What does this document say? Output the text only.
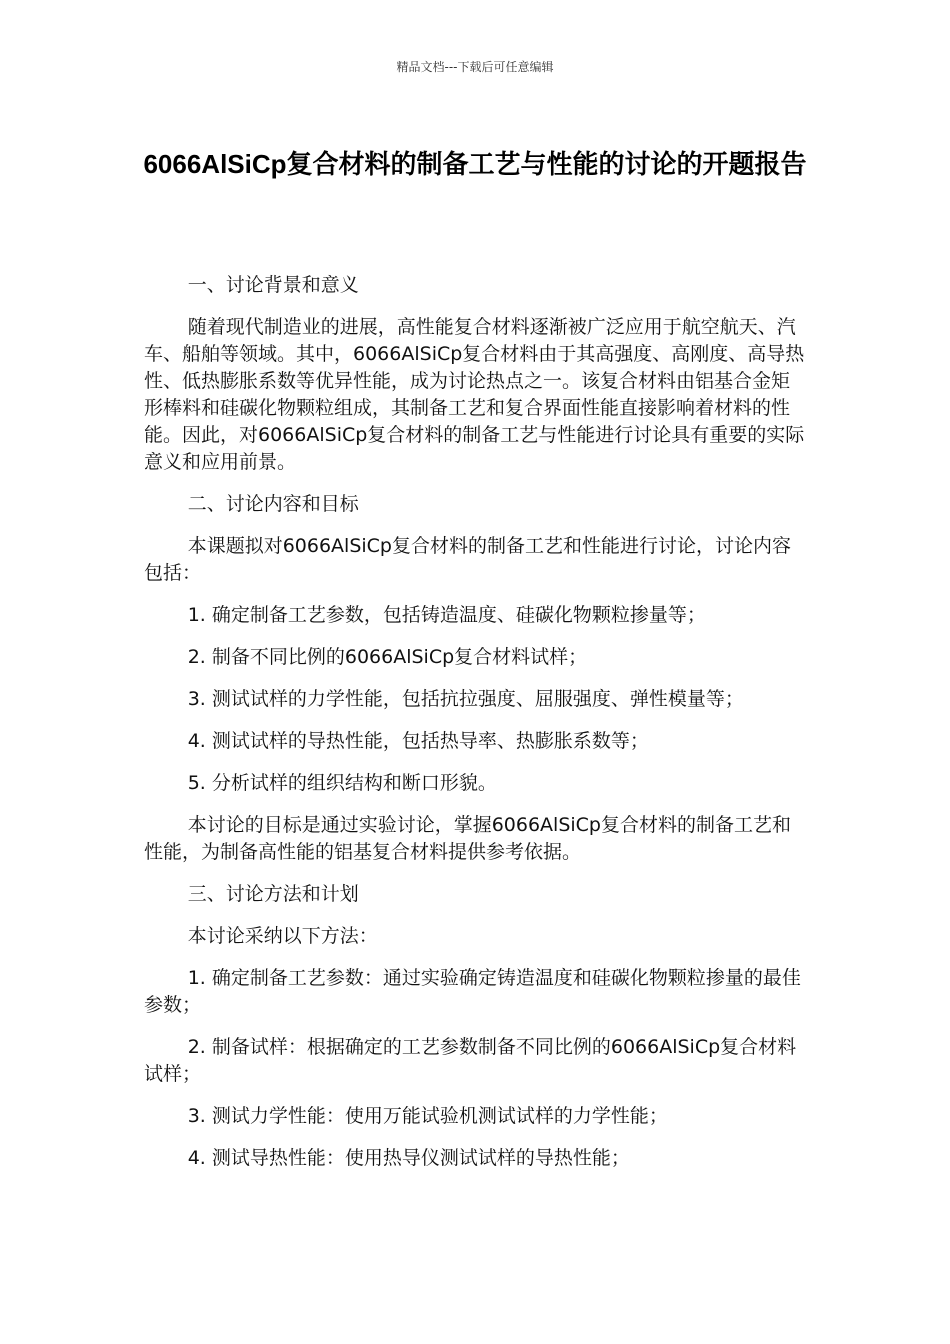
精品文档---下载后可任意编辑
6066AlSiCp复合材料的制备工艺与性能的讨论的开题报告

一、讨论背景和意义

随着现代制造业的进展，高性能复合材料逐渐被广泛应用于航空航天、汽车、船舶等领域。其中，6066AlSiCp复合材料由于其高强度、高刚度、高导热性、低热膨胀系数等优异性能，成为讨论热点之一。该复合材料由铝基合金矩形棒料和硅碳化物颗粒组成，其制备工艺和复合界面性能直接影响着材料的性能。因此，对6066AlSiCp复合材料的制备工艺与性能进行讨论具有重要的实际意义和应用前景。

二、讨论内容和目标

本课题拟对6066AlSiCp复合材料的制备工艺和性能进行讨论，讨论内容包括：

1. 确定制备工艺参数，包括铸造温度、硅碳化物颗粒掺量等；

2. 制备不同比例的6066AlSiCp复合材料试样；

3. 测试试样的力学性能，包括抗拉强度、屈服强度、弹性模量等；

4. 测试试样的导热性能，包括热导率、热膨胀系数等；

5. 分析试样的组织结构和断口形貌。

本讨论的目标是通过实验讨论，掌握6066AlSiCp复合材料的制备工艺和性能，为制备高性能的铝基复合材料提供参考依据。

三、讨论方法和计划

本讨论采纳以下方法：

1. 确定制备工艺参数：通过实验确定铸造温度和硅碳化物颗粒掺量的最佳参数；

2. 制备试样：根据确定的工艺参数制备不同比例的6066AlSiCp复合材料试样；

3. 测试力学性能：使用万能试验机测试试样的力学性能；

4. 测试导热性能：使用热导仪测试试样的导热性能；
